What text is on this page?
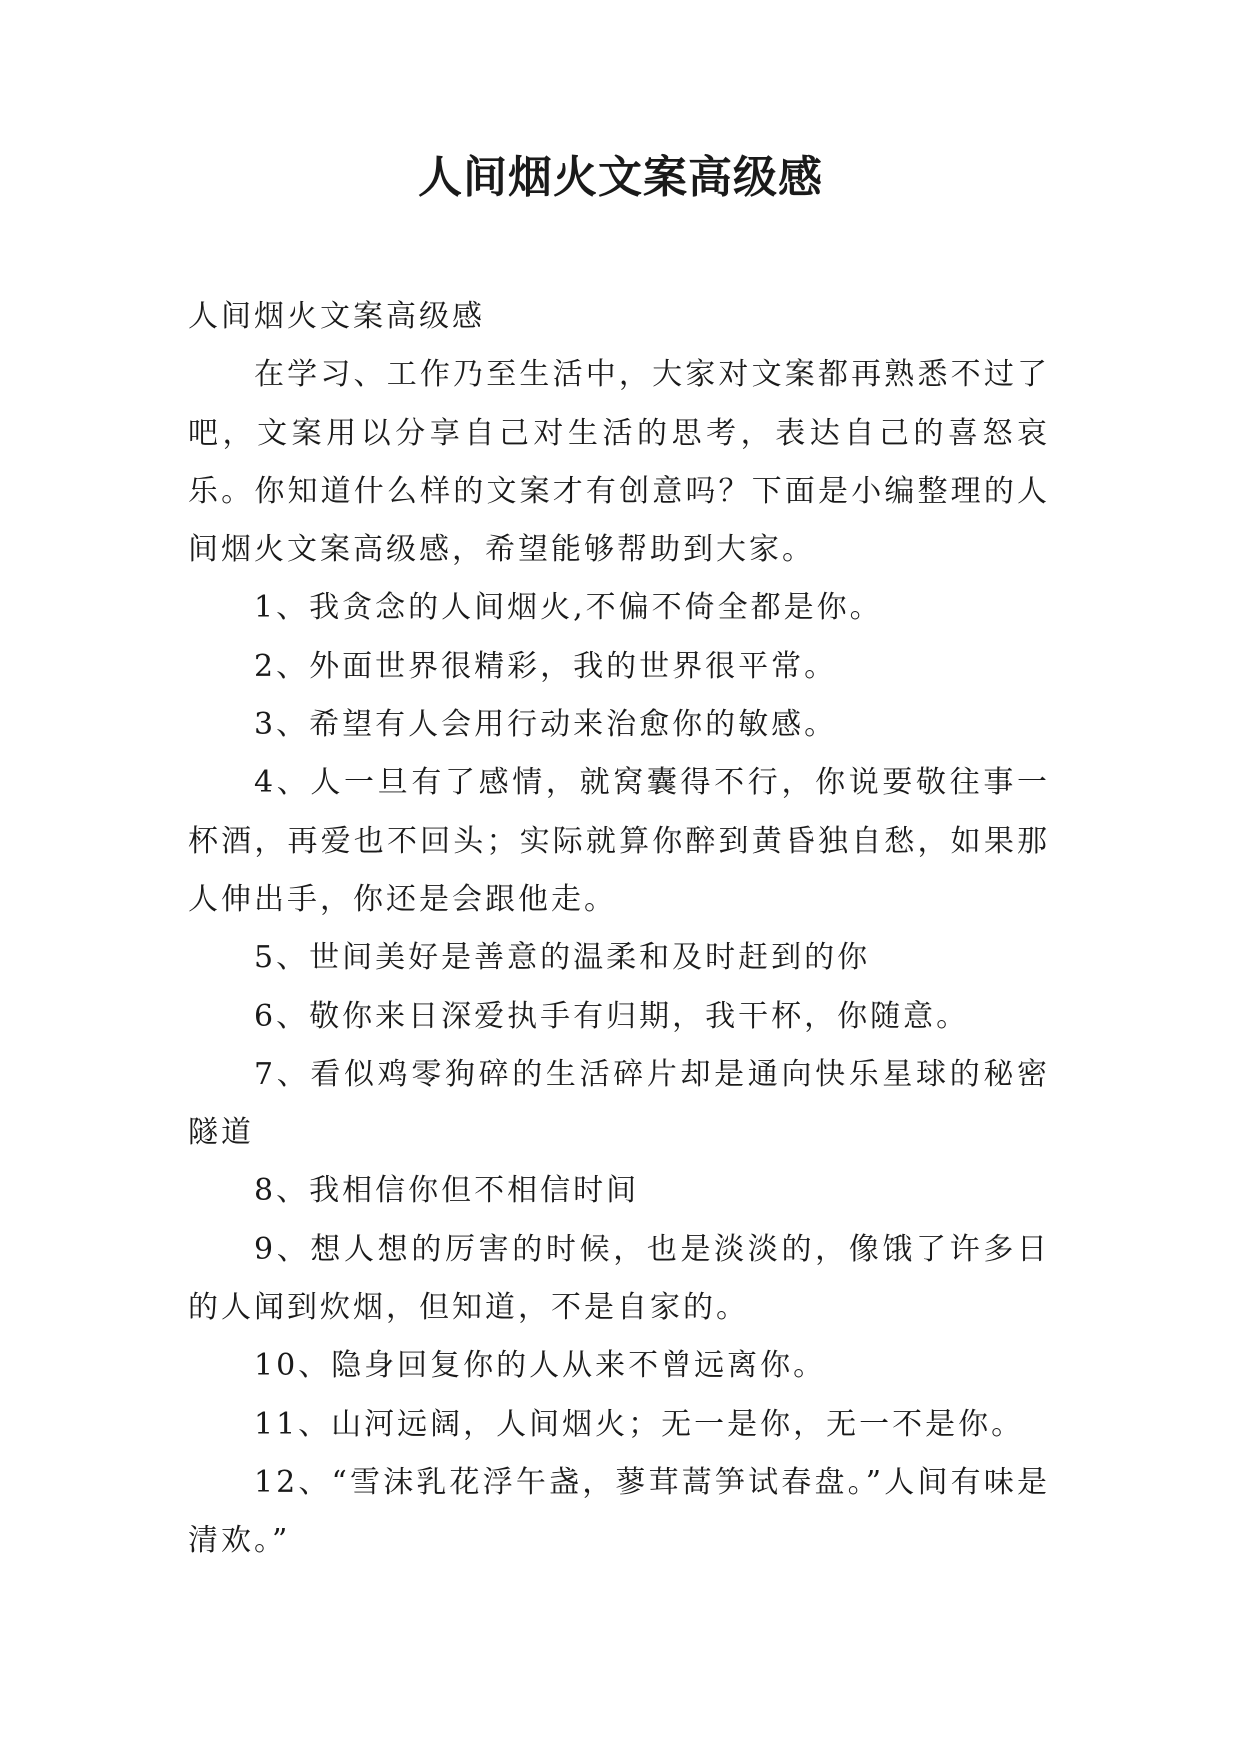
人间烟火文案高级感

人间烟火文案高级感

在学习、工作乃至生活中，大家对文案都再熟悉不过了吧，文案用以分享自己对生活的思考，表达自己的喜怒哀乐。你知道什么样的文案才有创意吗？下面是小编整理的人间烟火文案高级感，希望能够帮助到大家。

1、我贪念的人间烟火,不偏不倚全都是你。

2、外面世界很精彩，我的世界很平常。

3、希望有人会用行动来治愈你的敏感。

4、人一旦有了感情，就窝囊得不行，你说要敬往事一杯酒，再爱也不回头；实际就算你醉到黄昏独自愁，如果那人伸出手，你还是会跟他走。

5、世间美好是善意的温柔和及时赶到的你

6、敬你来日深爱执手有归期，我干杯，你随意。

7、看似鸡零狗碎的生活碎片却是通向快乐星球的秘密隧道

8、我相信你但不相信时间

9、想人想的厉害的时候，也是淡淡的，像饿了许多日的人闻到炊烟，但知道，不是自家的。

10、隐身回复你的人从来不曾远离你。

11、山河远阔，人间烟火；无一是你，无一不是你。

12、“雪沫乳花浮午盏，蓼茸蒿笋试春盘。”人间有味是清欢。”
